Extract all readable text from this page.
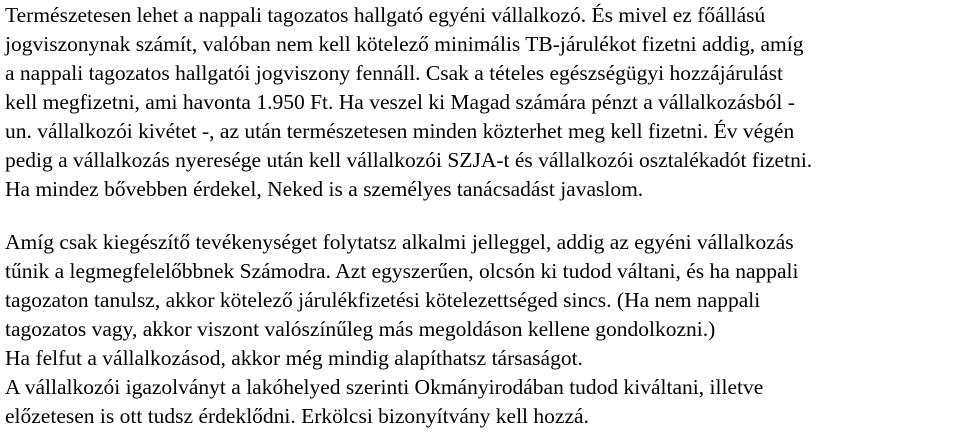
Természetesen lehet a nappali tagozatos hallgató egyéni vállalkozó. És mivel ez főállású
jogviszonynak számít, valóban nem kell kötelező minimális TB-járulékot fizetni addig, amíg
a nappali tagozatos hallgatói jogviszony fennáll. Csak a tételes egészségügyi hozzájárulást
kell megfizetni, ami havonta 1.950 Ft. Ha veszel ki Magad számára pénzt a vállalkozásból -
un. vállalkozói kivétet -, az után természetesen minden közterhet meg kell fizetni. Év végén
pedig a vállalkozás nyeresége után kell vállalkozói SZJA-t és vállalkozói osztalékadót fizetni.
Ha mindez bővebben érdekel, Neked is a személyes tanácsadást javaslom.
Amíg csak kiegészítő tevékenységet folytatsz alkalmi jelleggel, addig az egyéni vállalkozás
tűnik a legmegfelelőbbnek Számodra. Azt egyszerűen, olcsón ki tudod váltani, és ha nappali
tagozaton tanulsz, akkor kötelező járulékfizetési kötelezettséged sincs. (Ha nem nappali
tagozatos vagy, akkor viszont valószínűleg más megoldáson kellene gondolkozni.)
Ha felfut a vállalkozásod, akkor még mindig alapíthatsz társaságot.
A vállalkozói igazolványt a lakóhelyed szerinti Okmányirodában tudod kiváltani, illetve
előzetesen is ott tudsz érdeklődni. Erkölcsi bizonyítvány kell hozzá.
